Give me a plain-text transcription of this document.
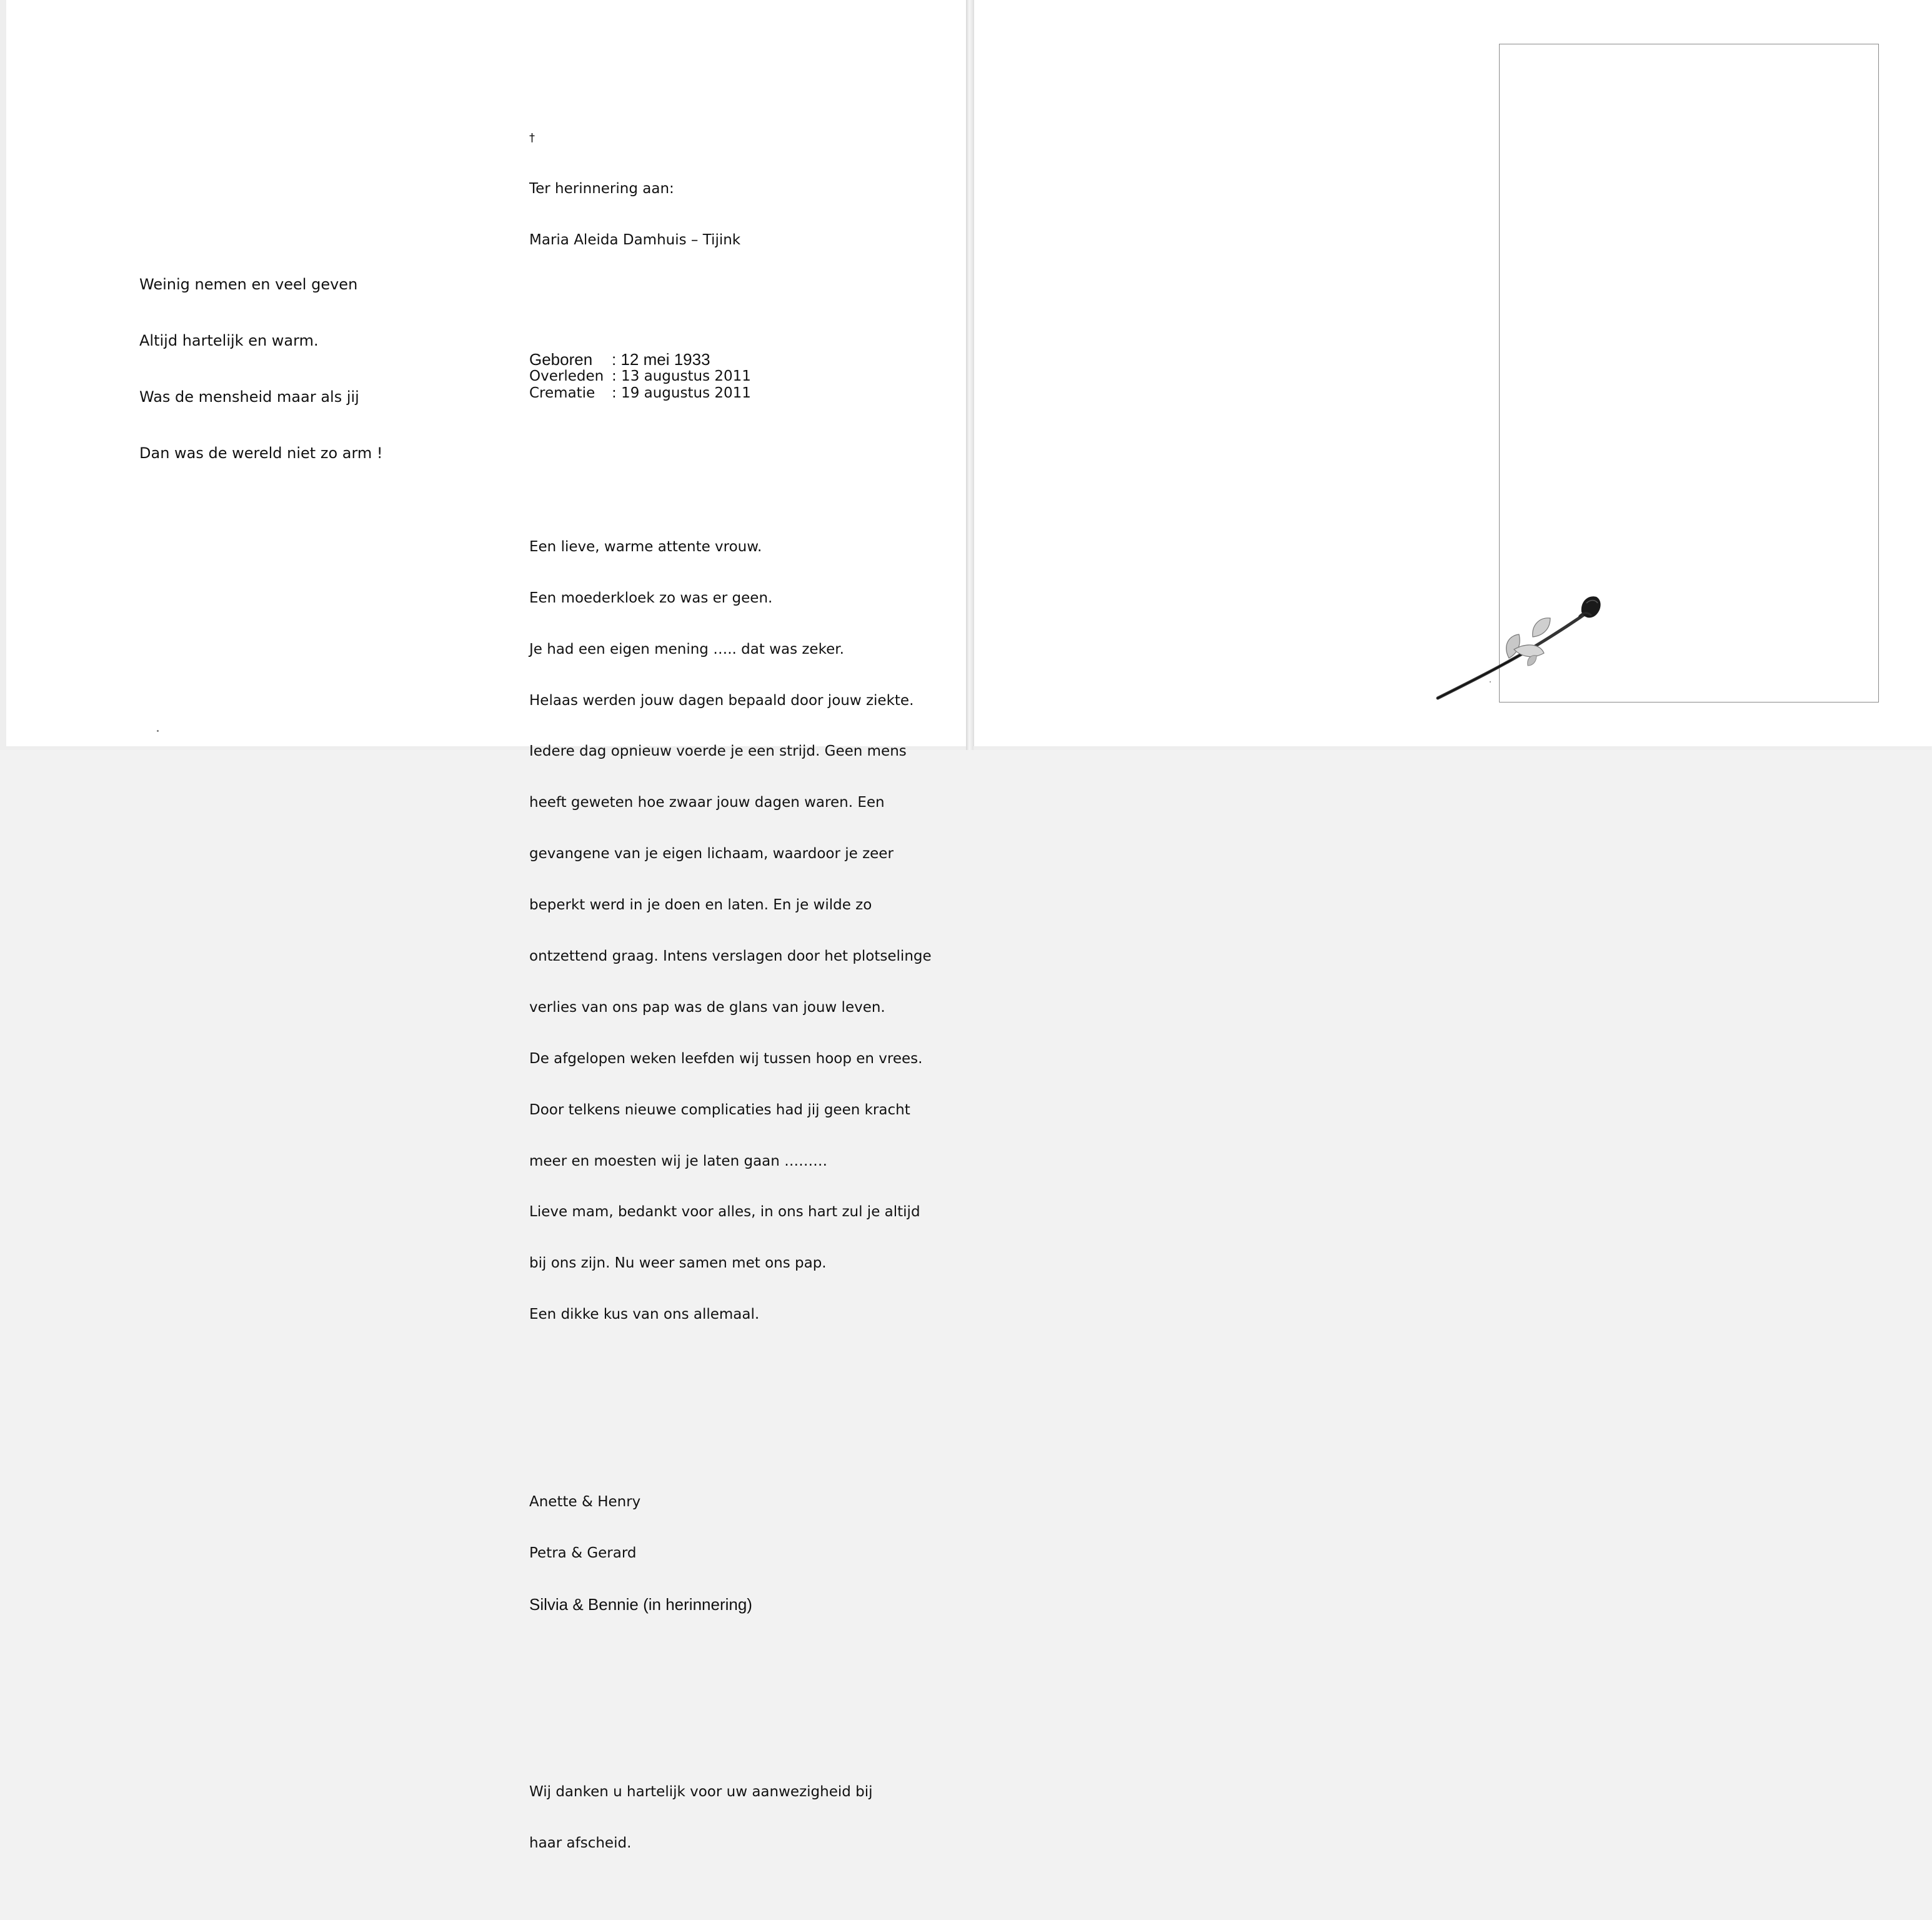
Weinig nemen en veel geven

Altijd hartelijk en warm.

Was de mensheid maar als jij

Dan was de wereld niet zo arm !

†

Ter herinnering aan:

Maria Aleida Damhuis – Tijink

Geboren	: 12 mei 1933
Overleden	: 13 augustus 2011
Crematie	: 19 augustus 2011

Een lieve, warme attente vrouw.

Een moederkloek zo was er geen.

Je had een eigen mening ….. dat was zeker.

Helaas werden jouw dagen bepaald door jouw ziekte.

Iedere dag opnieuw voerde je een strijd. Geen mens

heeft geweten hoe zwaar jouw dagen waren. Een

gevangene van je eigen lichaam, waardoor je zeer

beperkt werd in je doen en laten. En je wilde zo

ontzettend graag. Intens verslagen door het plotselinge

verlies van ons pap was de glans van jouw leven.

De afgelopen weken leefden wij tussen hoop en vrees.

Door telkens nieuwe complicaties had jij geen kracht

meer en moesten wij je laten gaan ………

Lieve mam, bedankt voor alles, in ons hart zul je altijd

bij ons zijn. Nu weer samen met ons pap.

Een dikke kus van ons allemaal.

Anette & Henry

Petra & Gerard

Silvia & Bennie (in herinnering)

Wij danken u hartelijk voor uw aanwezigheid bij

haar afscheid.
